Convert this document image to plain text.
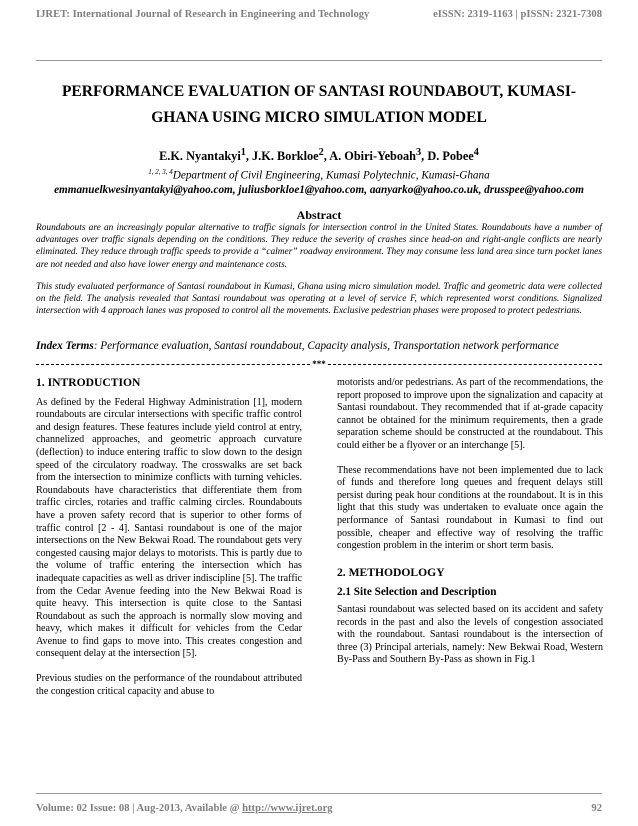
IJRET: International Journal of Research in Engineering and Technology	eISSN: 2319-1163 | pISSN: 2321-7308
PERFORMANCE EVALUATION OF SANTASI ROUNDABOUT, KUMASI-
GHANA USING MICRO SIMULATION MODEL
E.K. Nyantakyi$^1$, J.K. Borkloe$^2$, A. Obiri-Yeboah$^3$, D. Pobee$^4$
$^{1, 2, 3, 4}$Department of Civil Engineering, Kumasi Polytechnic, Kumasi-Ghana
emmanuelkwesinyantakyi@yahoo.com, juliusborkloe1@yahoo.com, aanyarko@yahoo.co.uk, drusspee@yahoo.com
Abstract
Roundabouts are an increasingly popular alternative to traffic signals for intersection control in the United States. Roundabouts have a number of advantages over traffic signals depending on the conditions. They reduce the severity of crashes since head-on and right-angle conflicts are nearly eliminated. They reduce through traffic speeds to provide a “calmer” roadway environment. They may consume less land area since turn pocket lanes are not needed and also have lower energy and maintenance costs.
This study evaluated performance of Santasi roundabout in Kumasi, Ghana using micro simulation model. Traffic and geometric data were collected on the field. The analysis revealed that Santasi roundabout was operating at a level of service F, which represented worst conditions. Signalized intersection with 4 approach lanes was proposed to control all the movements. Exclusive pedestrian phases were proposed to protect pedestrians.
Index Terms: Performance evaluation, Santasi roundabout, Capacity analysis, Transportation network performance
***
1. INTRODUCTION

As defined by the Federal Highway Administration [1], modern roundabouts are circular intersections with specific traffic control and design features. These features include yield control at entry, channelized approaches, and geometric approach curvature (deflection) to induce entering traffic to slow down to the design speed of the circulatory roadway. The crosswalks are set back from the intersection to minimize conflicts with turning vehicles. Roundabouts have characteristics that differentiate them from traffic circles, rotaries and traffic calming circles. Roundabouts have a proven safety record that is superior to other forms of traffic control [2 - 4]. Santasi roundabout is one of the major intersections on the New Bekwai Road. The roundabout gets very congested causing major delays to motorists. This is partly due to the volume of traffic entering the intersection which has inadequate capacities as well as driver indiscipline [5]. The traffic from the Cedar Avenue feeding into the New Bekwai Road is quite heavy. This intersection is quite close to the Santasi Roundabout as such the approach is normally slow moving and heavy, which makes it difficult for vehicles from the Cedar Avenue to find gaps to move into. This creates congestion and consequent delay at the intersection [5].

Previous studies on the performance of the roundabout attributed the congestion critical capacity and abuse to

motorists and/or pedestrians. As part of the recommendations, the report proposed to improve upon the signalization and capacity at Santasi roundabout. They recommended that if at-grade capacity cannot be obtained for the minimum requirements, then a grade separation scheme should be constructed at the roundabout. This could either be a flyover or an interchange [5].

These recommendations have not been implemented due to lack of funds and therefore long queues and frequent delays still persist during peak hour conditions at the roundabout. It is in this light that this study was undertaken to evaluate once again the performance of Santasi roundabout in Kumasi to find out possible, cheaper and effective way of resolving the traffic congestion problem in the interim or short term basis.

2. METHODOLOGY
2.1 Site Selection and Description

Santasi roundabout was selected based on its accident and safety records in the past and also the levels of congestion associated with the roundabout. Santasi roundabout is the intersection of three (3) Principal arterials, namely: New Bekwai Road, Western By-Pass and Southern By-Pass as shown in Fig.1

Volume: 02 Issue: 08 | Aug-2013, Available @ http://www.ijret.org	92
